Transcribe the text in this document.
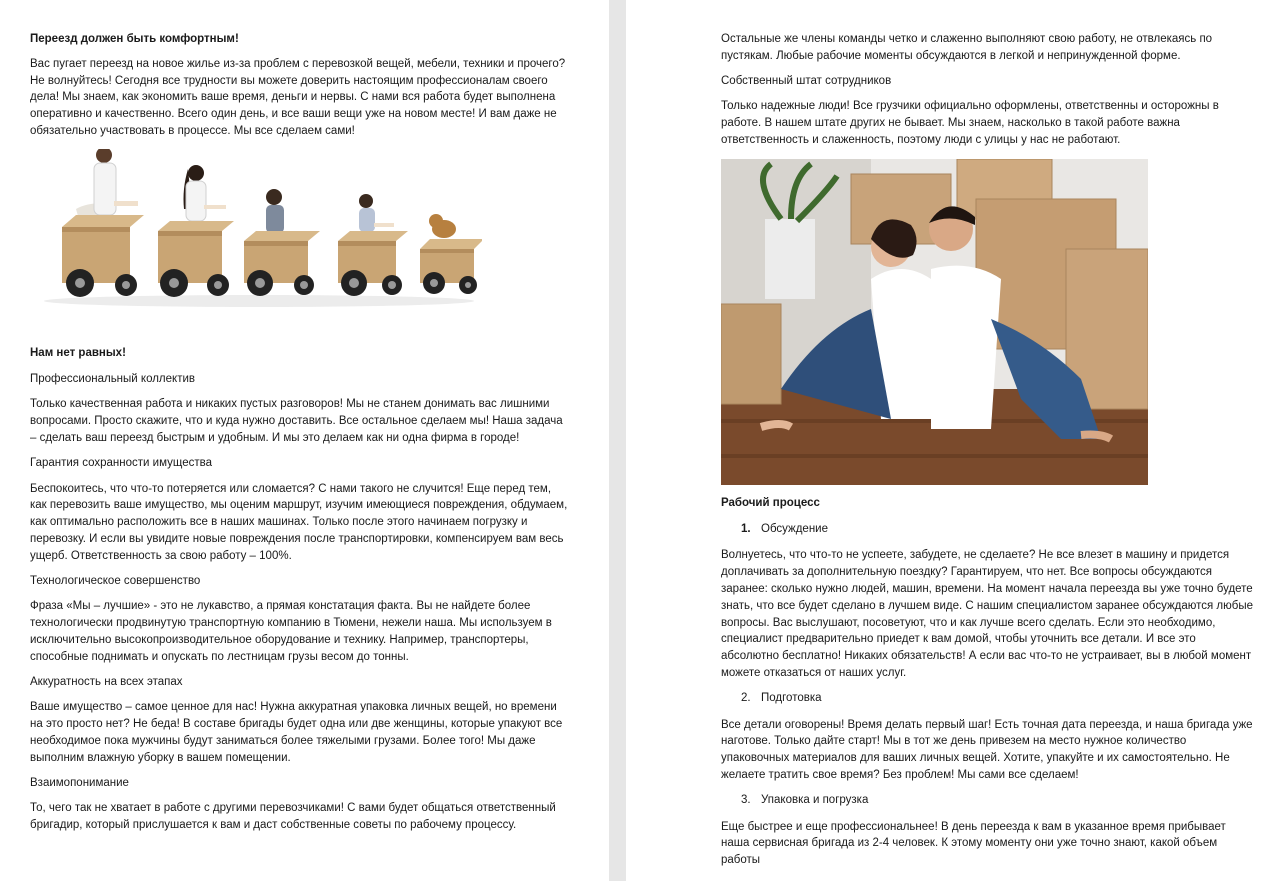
Переезд должен быть комфортным!

Вас пугает переезд на новое жилье из-за проблем с перевозкой вещей, мебели, техники и прочего? Не волнуйтесь! Сегодня все трудности вы можете доверить настоящим профессионалам своего дела! Мы знаем, как экономить ваше время, деньги и нервы. С нами вся работа будет выполнена оперативно и качественно. Всего один день, и все ваши вещи уже на новом месте! И вам даже не обязательно участвовать в процессе. Мы все сделаем сами!

Нам нет равных!

Профессиональный коллектив

Только качественная работа и никаких пустых разговоров! Мы не станем донимать вас лишними вопросами. Просто скажите, что и куда нужно доставить. Все остальное сделаем мы! Наша задача – сделать ваш переезд быстрым и удобным. И мы это делаем как ни одна фирма в городе!

Гарантия сохранности имущества

Беспокоитесь, что что-то потеряется или сломается? С нами такого не случится! Еще перед тем, как перевозить ваше имущество, мы оценим маршрут, изучим имеющиеся повреждения, обдумаем, как оптимально расположить все в наших машинах. Только после этого начинаем погрузку и перевозку. И если вы увидите новые повреждения после транспортировки, компенсируем вам весь ущерб. Ответственность за свою работу – 100%.

Технологическое совершенство

Фраза «Мы – лучшие» - это не лукавство, а прямая констатация факта. Вы не найдете более технологически продвинутую транспортную компанию в Тюмени, нежели наша. Мы используем в исключительно высокопроизводительное оборудование и технику. Например, транспортеры, способные поднимать и опускать по лестницам грузы весом до тонны.

Аккуратность на всех этапах

Ваше имущество – самое ценное для нас! Нужна аккуратная упаковка личных вещей, но времени на это просто нет? Не беда! В составе бригады будет одна или две женщины, которые упакуют все необходимое пока мужчины будут заниматься более тяжелыми грузами. Более того! Мы даже выполним влажную уборку в вашем помещении.

Взаимопонимание

То, чего так не хватает в работе с другими перевозчиками! С вами будет общаться ответственный бригадир, который прислушается к вам и даст собственные советы по рабочему процессу.

Остальные же члены команды четко и слаженно выполняют свою работу, не отвлекаясь по пустякам. Любые рабочие моменты обсуждаются в легкой и непринужденной форме.

Собственный штат сотрудников

Только надежные люди! Все грузчики официально оформлены, ответственны и осторожны в работе. В нашем штате других не бывает. Мы знаем, насколько в такой работе важна ответственность и слаженность, поэтому люди с улицы у нас не работают.

Рабочий процесс

1. Обсуждение

Волнуетесь, что что-то не успеете, забудете, не сделаете? Не все влезет в машину и придется доплачивать за дополнительную поездку? Гарантируем, что нет. Все вопросы обсуждаются заранее: сколько нужно людей, машин, времени. На момент начала переезда вы уже точно будете знать, что все будет сделано в лучшем виде. С нашим специалистом заранее обсуждаются любые вопросы. Вас выслушают, посоветуют, что и как лучше всего сделать. Если это необходимо, специалист предварительно приедет к вам домой, чтобы уточнить все детали. И все это абсолютно бесплатно! Никаких обязательств! А если вас что-то не устраивает, вы в любой момент можете отказаться от наших услуг.

2. Подготовка

Все детали оговорены! Время делать первый шаг! Есть точная дата переезда, и наша бригада уже наготове. Только дайте старт! Мы в тот же день привезем на место нужное количество упаковочных материалов для ваших личных вещей. Хотите, упакуйте и их самостоятельно. Не желаете тратить свое время? Без проблем! Мы сами все сделаем!

3. Упаковка и погрузка

Еще быстрее и еще профессиональнее! В день переезда к вам в указанное время прибывает наша сервисная бригада из 2-4 человек. К этому моменту они уже точно знают, какой объем работы
